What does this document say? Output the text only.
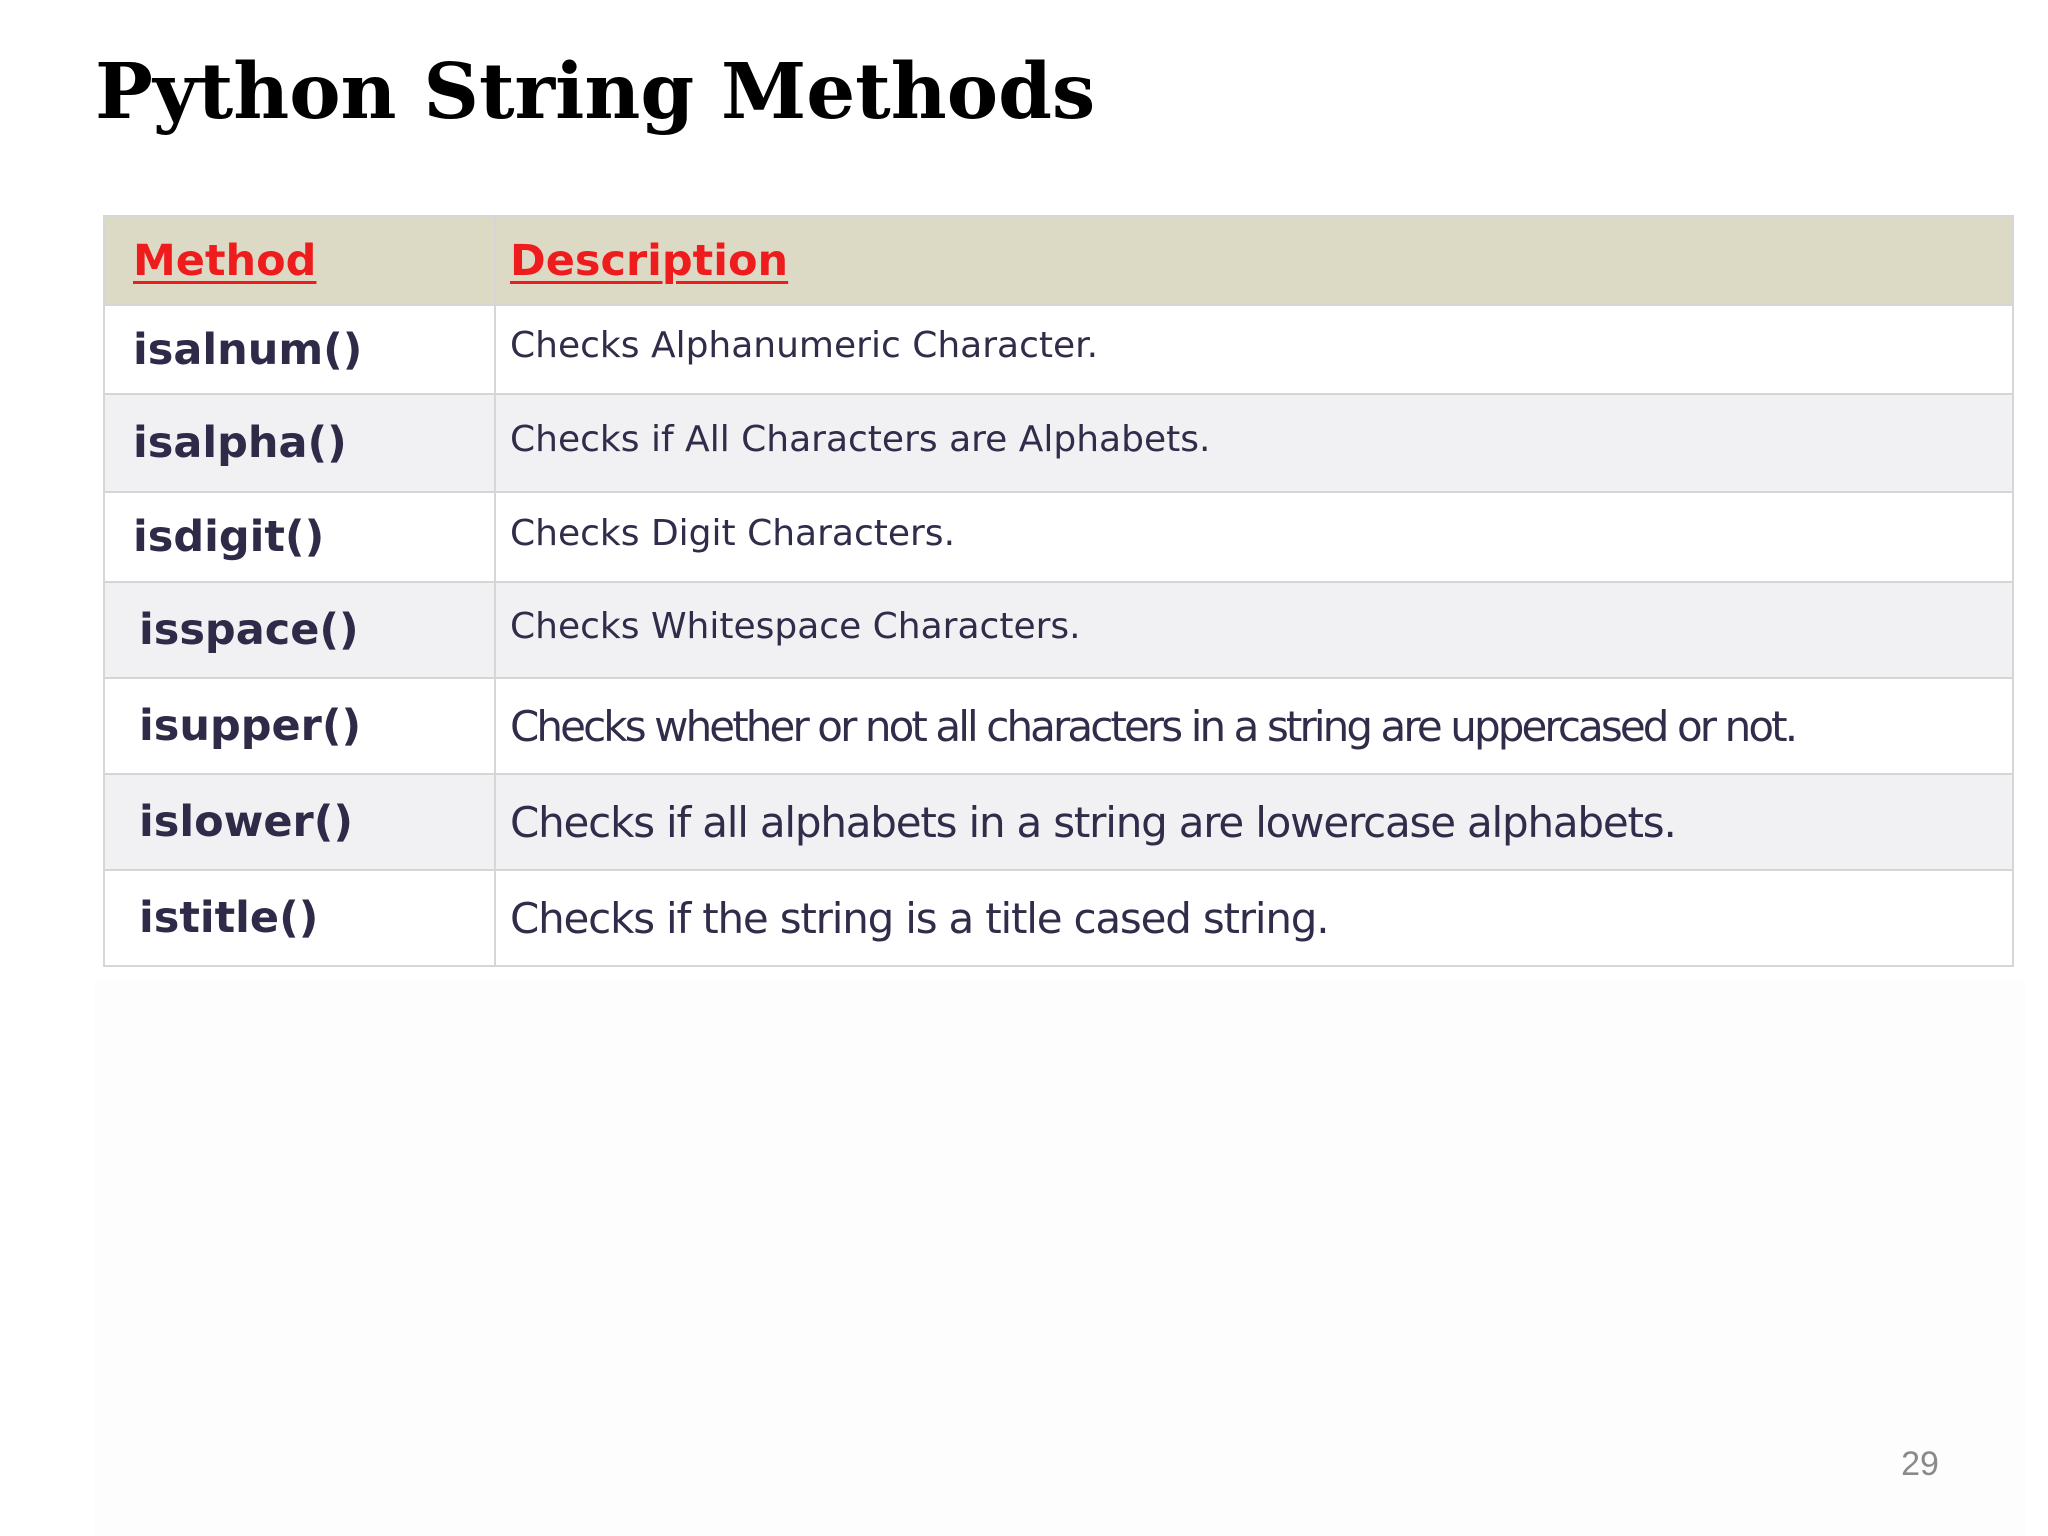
Python String Methods
Method	Description
isalnum()	Checks Alphanumeric Character.
isalpha()	Checks if All Characters are Alphabets.
isdigit()	Checks Digit Characters.
isspace()	Checks Whitespace Characters.
isupper()	Checks whether or not all characters in a string are uppercased or not.
islower()	Checks if all alphabets in a string are lowercase alphabets.
istitle()	Checks if the string is a title cased string.
29
